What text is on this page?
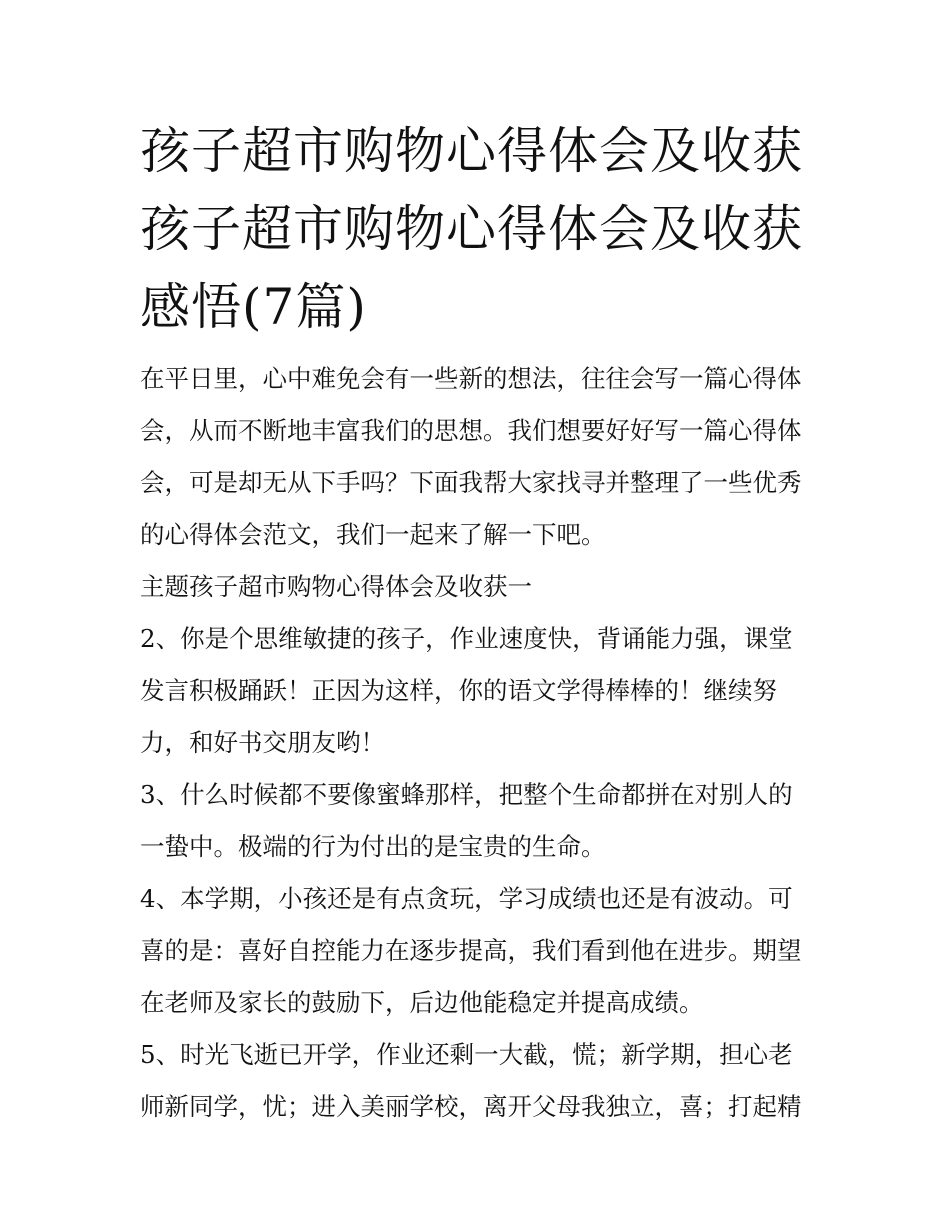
孩子超市购物心得体会及收获
孩子超市购物心得体会及收获
感悟(7篇)

在平日里，心中难免会有一些新的想法，往往会写一篇心得体
会，从而不断地丰富我们的思想。我们想要好好写一篇心得体
会，可是却无从下手吗？下面我帮大家找寻并整理了一些优秀
的心得体会范文，我们一起来了解一下吧。

主题孩子超市购物心得体会及收获一

2、你是个思维敏捷的孩子，作业速度快，背诵能力强，课堂
发言积极踊跃！正因为这样，你的语文学得棒棒的！继续努
力，和好书交朋友哟！

3、什么时候都不要像蜜蜂那样，把整个生命都拼在对别人的
一蛰中。极端的行为付出的是宝贵的生命。

4、本学期，小孩还是有点贪玩，学习成绩也还是有波动。可
喜的是：喜好自控能力在逐步提高，我们看到他在进步。期望
在老师及家长的鼓励下，后边他能稳定并提高成绩。

5、时光飞逝已开学，作业还剩一大截，慌；新学期，担心老
师新同学，忧；进入美丽学校，离开父母我独立，喜；打起精
